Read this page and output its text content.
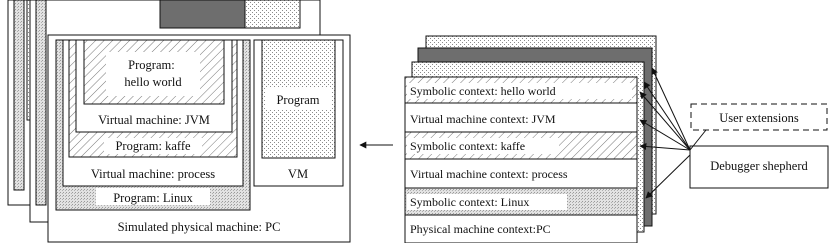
Program: hello world
Virtual machine: JVM
Program: kaffe
Virtual machine: process
Program: Linux
Program
VM
Simulated physical machine: PC
Symbolic context: hello world
Virtual machine context: JVM
Symbolic context: kaffe
Virtual machine context: process
Symbolic context: Linux
Physical machine context:PC
User extensions
Debugger shepherd
